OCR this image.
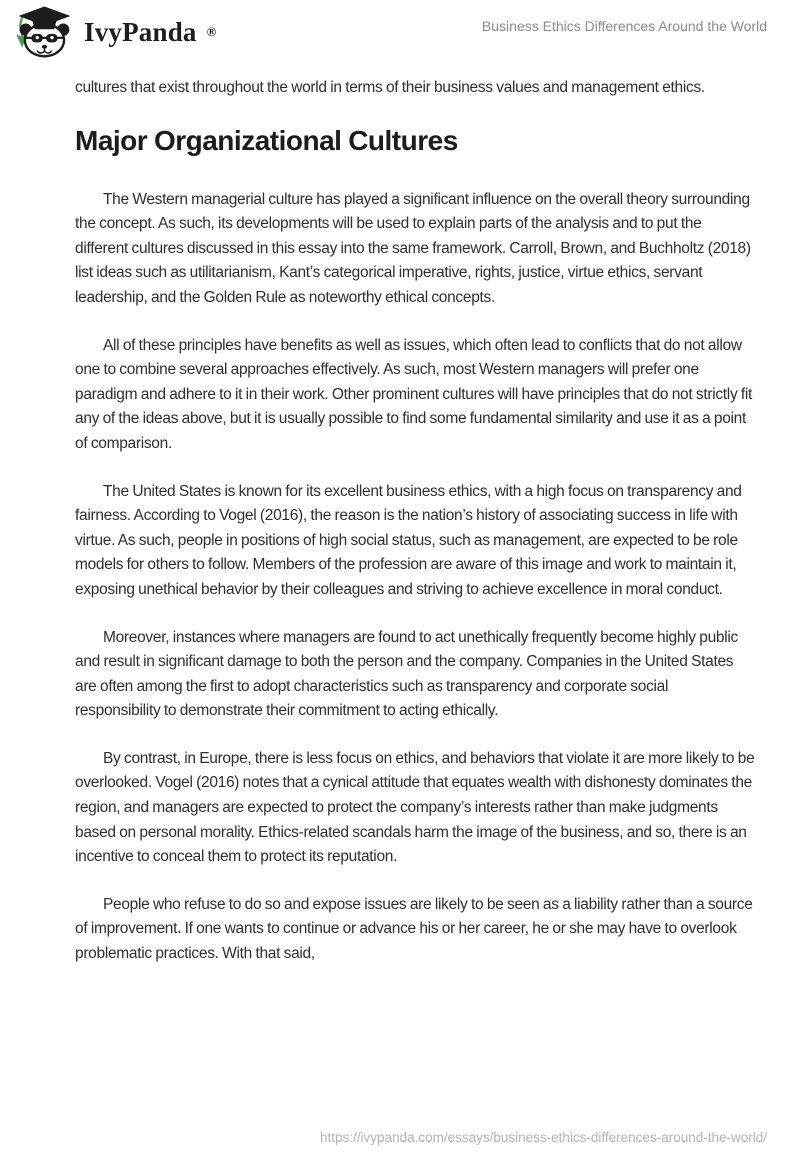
IvyPanda ®	Business Ethics Differences Around the World

cultures that exist throughout the world in terms of their business values and management ethics.

Major Organizational Cultures

The Western managerial culture has played a significant influence on the overall theory surrounding the concept. As such, its developments will be used to explain parts of the analysis and to put the different cultures discussed in this essay into the same framework. Carroll, Brown, and Buchholtz (2018) list ideas such as utilitarianism, Kant’s categorical imperative, rights, justice, virtue ethics, servant leadership, and the Golden Rule as noteworthy ethical concepts.

All of these principles have benefits as well as issues, which often lead to conflicts that do not allow one to combine several approaches effectively. As such, most Western managers will prefer one paradigm and adhere to it in their work. Other prominent cultures will have principles that do not strictly fit any of the ideas above, but it is usually possible to find some fundamental similarity and use it as a point of comparison.

The United States is known for its excellent business ethics, with a high focus on transparency and fairness. According to Vogel (2016), the reason is the nation’s history of associating success in life with virtue. As such, people in positions of high social status, such as management, are expected to be role models for others to follow. Members of the profession are aware of this image and work to maintain it, exposing unethical behavior by their colleagues and striving to achieve excellence in moral conduct.

Moreover, instances where managers are found to act unethically frequently become highly public and result in significant damage to both the person and the company. Companies in the United States are often among the first to adopt characteristics such as transparency and corporate social responsibility to demonstrate their commitment to acting ethically.

By contrast, in Europe, there is less focus on ethics, and behaviors that violate it are more likely to be overlooked. Vogel (2016) notes that a cynical attitude that equates wealth with dishonesty dominates the region, and managers are expected to protect the company’s interests rather than make judgments based on personal morality. Ethics-related scandals harm the image of the business, and so, there is an incentive to conceal them to protect its reputation.

People who refuse to do so and expose issues are likely to be seen as a liability rather than a source of improvement. If one wants to continue or advance his or her career, he or she may have to overlook problematic practices. With that said,

https://ivypanda.com/essays/business-ethics-differences-around-the-world/
